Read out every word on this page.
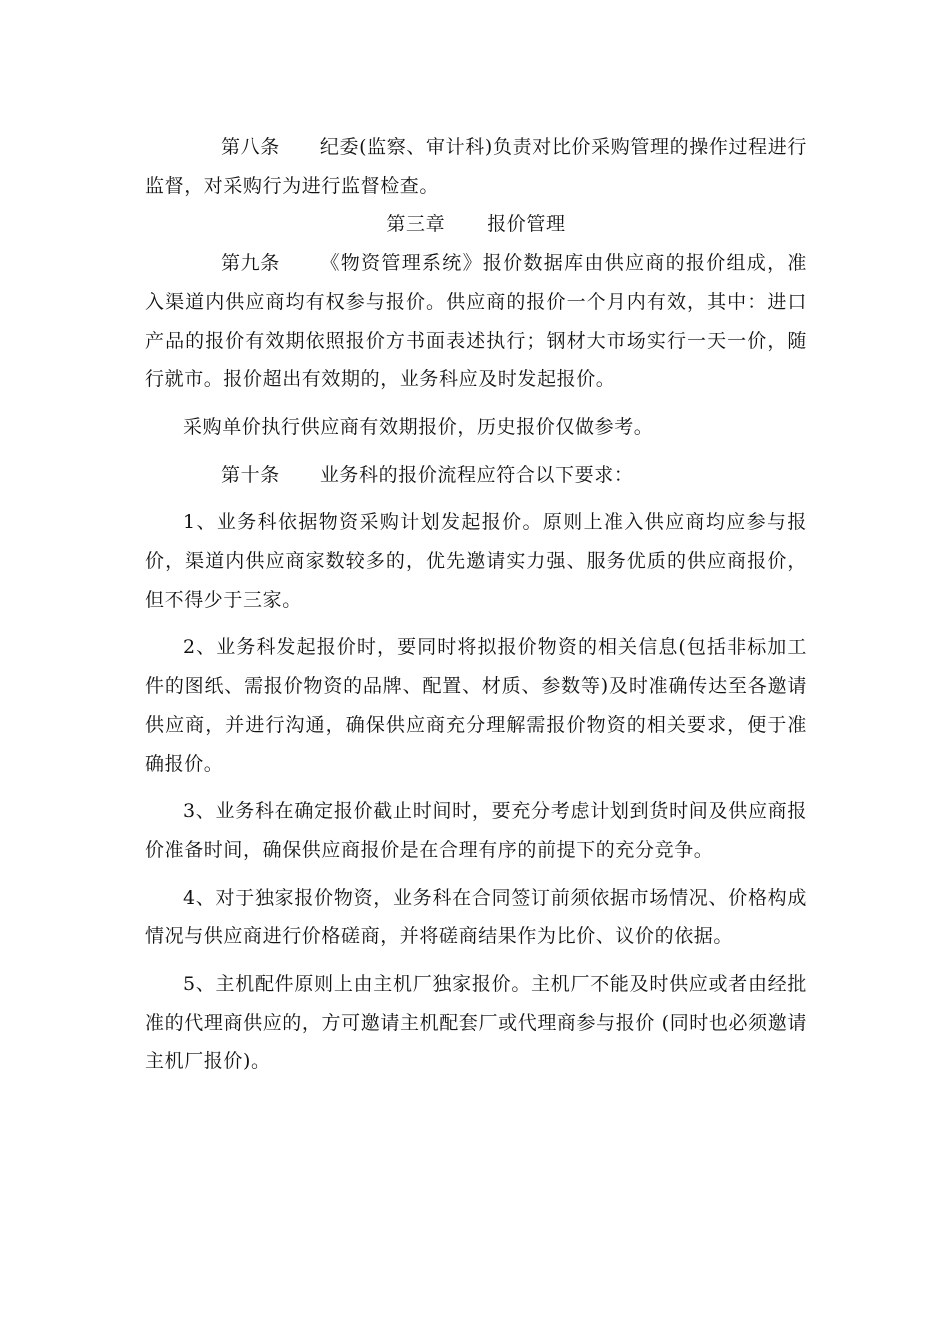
第八条 纪委(监察、审计科)负责对比价采购管理的操作过程进行监督，对采购行为进行监督检查。

第三章 报价管理

第九条 《物资管理系统》报价数据库由供应商的报价组成，准入渠道内供应商均有权参与报价。供应商的报价一个月内有效，其中：进口产品的报价有效期依照报价方书面表述执行；钢材大市场实行一天一价，随行就市。报价超出有效期的，业务科应及时发起报价。

采购单价执行供应商有效期报价，历史报价仅做参考。

第十条 业务科的报价流程应符合以下要求：

1、业务科依据物资采购计划发起报价。原则上准入供应商均应参与报价，渠道内供应商家数较多的，优先邀请实力强、服务优质的供应商报价，但不得少于三家。

2、业务科发起报价时，要同时将拟报价物资的相关信息(包括非标加工件的图纸、需报价物资的品牌、配置、材质、参数等)及时准确传达至各邀请供应商，并进行沟通，确保供应商充分理解需报价物资的相关要求，便于准确报价。

3、业务科在确定报价截止时间时，要充分考虑计划到货时间及供应商报价准备时间，确保供应商报价是在合理有序的前提下的充分竞争。

4、对于独家报价物资，业务科在合同签订前须依据市场情况、价格构成情况与供应商进行价格磋商，并将磋商结果作为比价、议价的依据。

5、主机配件原则上由主机厂独家报价。主机厂不能及时供应或者由经批准的代理商供应的，方可邀请主机配套厂或代理商参与报价 (同时也必须邀请主机厂报价)。
